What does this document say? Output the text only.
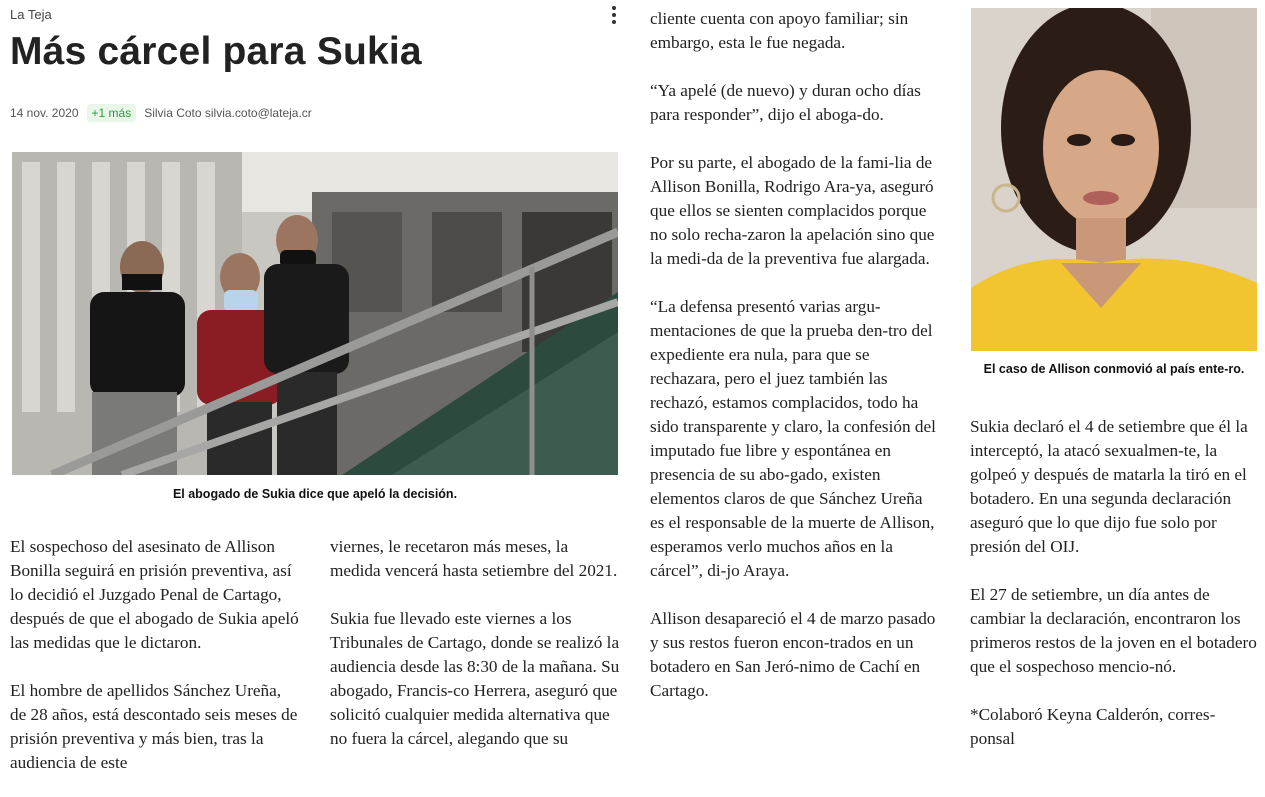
La Teja
Más cárcel para Sukia
14 nov. 2020	+1 más	Silvia Coto silvia.coto@lateja.cr
El abogado de Sukia dice que apeló la decisión.
El caso de Allison conmovió al país ente-ro.

El sospechoso del asesinato de Allison Bonilla seguirá en prisión preventiva, así lo decidió el Juzgado Penal de Cartago, después de que el abogado de Sukia apeló las medidas que le dictaron.

El hombre de apellidos Sánchez Ureña, de 28 años, está descontado seis meses de prisión preventiva y más bien, tras la audiencia de este

viernes, le recetaron más meses, la medida vencerá hasta setiembre del 2021.

Sukia fue llevado este viernes a los Tribunales de Cartago, donde se realizó la audiencia desde las 8:30 de la mañana. Su abogado, Francis-co Herrera, aseguró que solicitó cualquier medida alternativa que no fuera la cárcel, alegando que su

cliente cuenta con apoyo familiar; sin embargo, esta le fue negada.

“Ya apelé (de nuevo) y duran ocho días para responder”, dijo el aboga-do.

Por su parte, el abogado de la fami-lia de Allison Bonilla, Rodrigo Ara-ya, aseguró que ellos se sienten complacidos porque no solo recha-zaron la apelación sino que la medi-da de la preventiva fue alargada.

“La defensa presentó varias argu-mentaciones de que la prueba den-tro del expediente era nula, para que se rechazara, pero el juez también las rechazó, estamos complacidos, todo ha sido transparente y claro, la confesión del imputado fue libre y espontánea en presencia de su abo-gado, existen elementos claros de que Sánchez Ureña es el responsable de la muerte de Allison, esperamos verlo muchos años en la cárcel”, di-jo Araya.

Allison desapareció el 4 de marzo pasado y sus restos fueron encon-trados en un botadero en San Jeró-nimo de Cachí en Cartago.

Sukia declaró el 4 de setiembre que él la interceptó, la atacó sexualmen-te, la golpeó y después de matarla la tiró en el botadero. En una segunda declaración aseguró que lo que dijo fue solo por presión del OIJ.

El 27 de setiembre, un día antes de cambiar la declaración, encontraron los primeros restos de la joven en el botadero que el sospechoso mencio-nó.

*Colaboró Keyna Calderón, corres-ponsal
